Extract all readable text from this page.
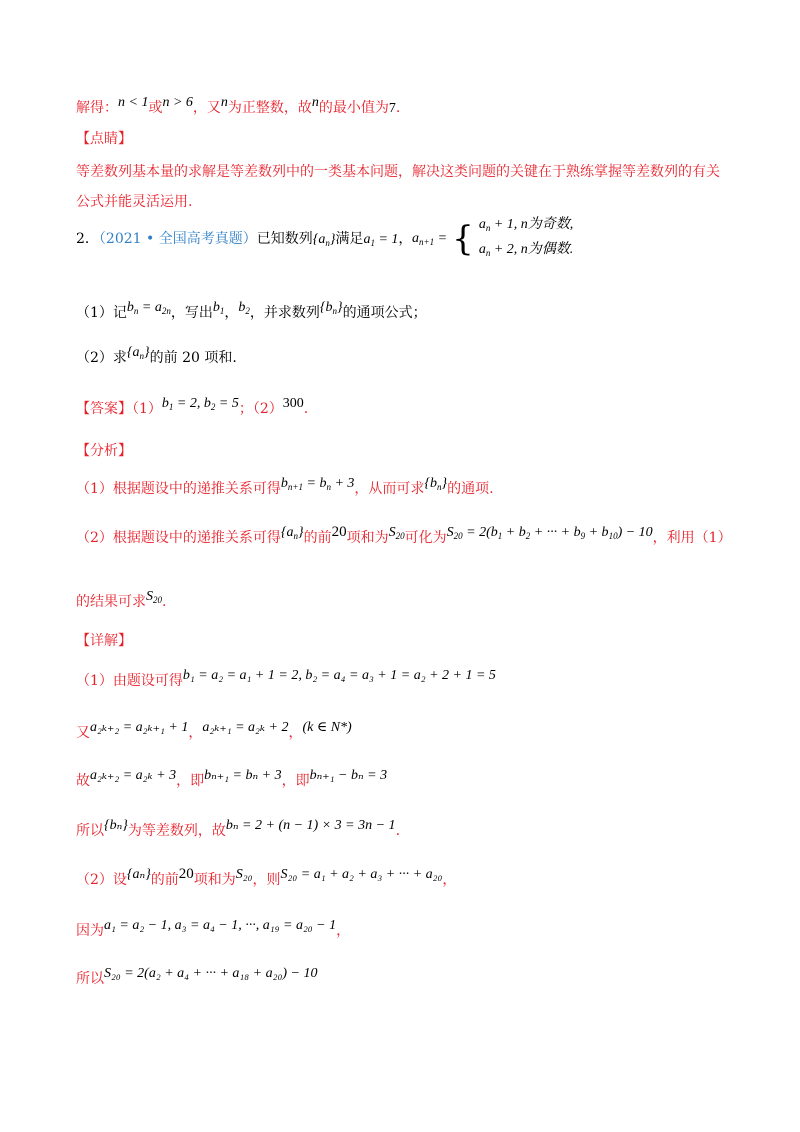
解得：n < 1或n > 6，又n为正整数，故n的最小值为7.
【点睛】
等差数列基本量的求解是等差数列中的一类基本问题，解决这类问题的关键在于熟练掌握等差数列的有关
公式并能灵活运用.
2．（2021 • 全国高考真题）已知数列$\{a_n\}$满足$a_1 = 1$， $a_{n+1}$ = { $a_n + 1$, n为奇数,
$a_n + 2$, n为偶数.
（1）记$b_n = a_{2n}$，写出$b_1$，$b_2$，并求数列$\{b_n\}$的通项公式；
（2）求$\{a_n\}$的前 20 项和.
【答案】$(1)b_1 = 2$, $b_2 = 5$；（2）300.
【分析】
（1）根据题设中的递推关系可得$b_{n+1} = b_n + 3$，从而可求$\{b_n\}$的通项.
（2）根据题设中的递推关系可得$\{a_n\}$的前20项和为$S_{20}$可化为$S_{20} = 2(b_1 + b_2$ + ··· + $b_9 + b_{10}) - 10$，利用（1）
的结果可求$S_{20}$.
【详解】
（1）由题设可得b₁ = a₂ = a₁ + 1 = 2, b₂ = a₄ = a₃ + 1 = a₂ + 2 + 1 = 5
又a₂ₖ₊₂ = a₂ₖ₊₁ + 1，a₂ₖ₊₁ = a₂ₖ + 2，(k ∈ N*)
故a₂ₖ₊₂ = a₂ₖ + 3，即bₙ₊₁ = bₙ + 3，即bₙ₊₁ − bₙ = 3
所以{bₙ}为等差数列，故bₙ = 2 + (n − 1) × 3 = 3n − 1.
（2）设{aₙ}的前20项和为S₂₀，则S₂₀ = a₁ + a₂ + a₃ + ··· + a₂₀，
因为a₁ = a₂ − 1, a₃ = a₄ − 1, ···, a₁₉ = a₂₀ − 1，
所以S₂₀ = 2(a₂ + a₄ + ··· + a₁₈ + a₂₀) − 10
